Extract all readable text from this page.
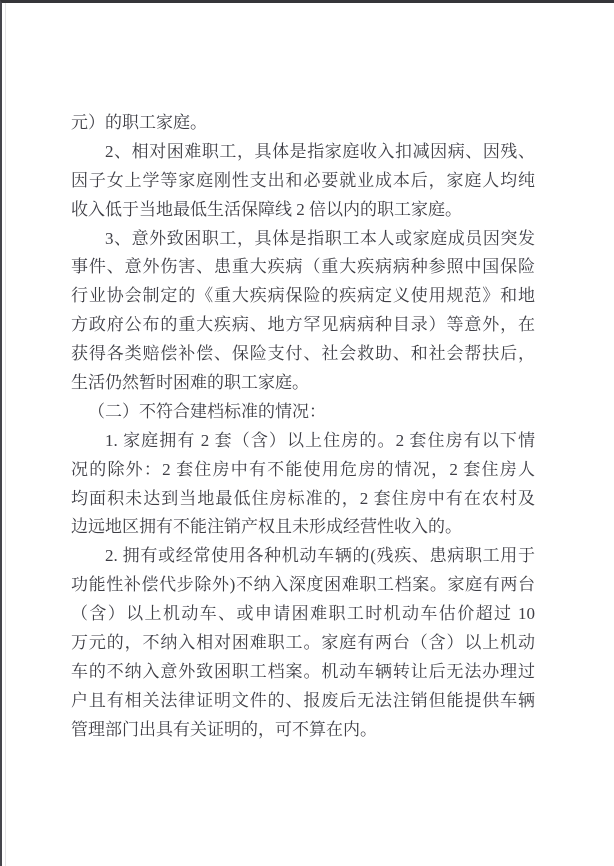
元）的职工家庭。
2、相对困难职工，具体是指家庭收入扣减因病、因残、
因子女上学等家庭刚性支出和必要就业成本后，家庭人均纯
收入低于当地最低生活保障线 2 倍以内的职工家庭。
3、意外致困职工，具体是指职工本人或家庭成员因突发
事件、意外伤害、患重大疾病（重大疾病病种参照中国保险
行业协会制定的《重大疾病保险的疾病定义使用规范》和地
方政府公布的重大疾病、地方罕见病病种目录）等意外，在
获得各类赔偿补偿、保险支付、社会救助、和社会帮扶后，
生活仍然暂时困难的职工家庭。
（二）不符合建档标准的情况：
1. 家庭拥有 2 套（含）以上住房的。2 套住房有以下情
况的除外：2 套住房中有不能使用危房的情况，2 套住房人
均面积未达到当地最低住房标准的，2 套住房中有在农村及
边远地区拥有不能注销产权且未形成经营性收入的。
2. 拥有或经常使用各种机动车辆的(残疾、患病职工用于
功能性补偿代步除外)不纳入深度困难职工档案。家庭有两台
（含）以上机动车、或申请困难职工时机动车估价超过 10
万元的，不纳入相对困难职工。家庭有两台（含）以上机动
车的不纳入意外致困职工档案。机动车辆转让后无法办理过
户且有相关法律证明文件的、报废后无法注销但能提供车辆
管理部门出具有关证明的，可不算在内。
